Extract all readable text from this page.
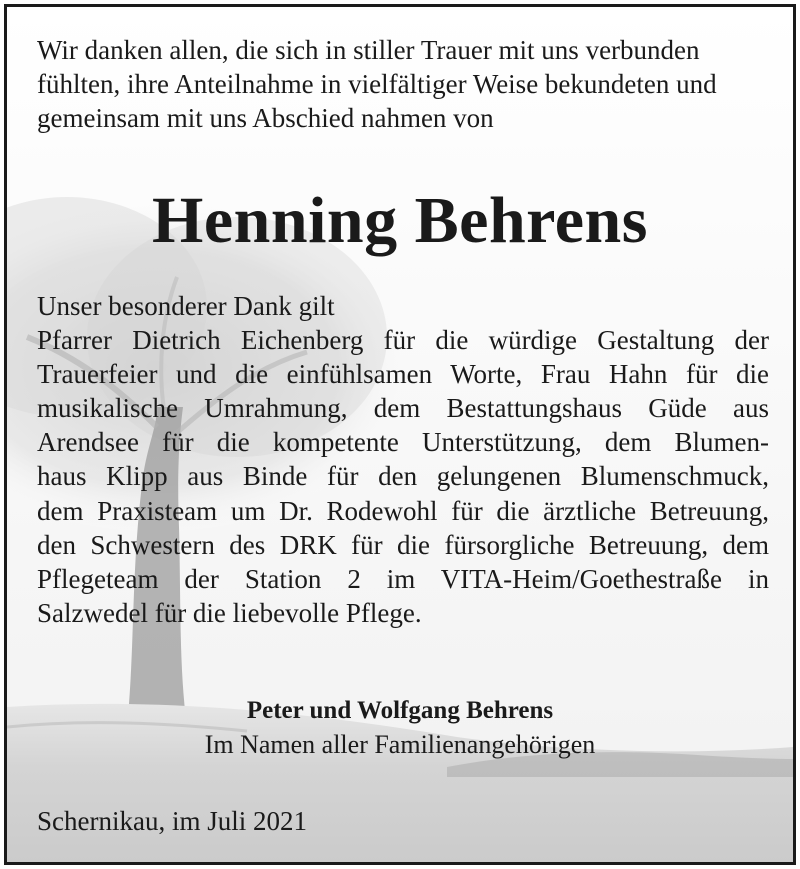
Wir danken allen, die sich in stiller Trauer mit uns verbunden
fühlten, ihre Anteilnahme in vielfältiger Weise bekundeten und
gemeinsam mit uns Abschied nahmen von
Henning Behrens
Unser besonderer Dank gilt
Pfarrer Dietrich Eichenberg für die würdige Gestaltung der
Trauerfeier und die einfühlsamen Worte, Frau Hahn für die
musikalische Umrahmung, dem Bestattungshaus Güde aus
Arendsee für die kompetente Unterstützung, dem Blumen-
haus Klipp aus Binde für den gelungenen Blumenschmuck,
dem Praxisteam um Dr. Rodewohl für die ärztliche Betreuung,
den Schwestern des DRK für die fürsorgliche Betreuung, dem
Pflegeteam der Station 2 im VITA-Heim/Goethestraße in
Salzwedel für die liebevolle Pflege.
Peter und Wolfgang Behrens
Im Namen aller Familienangehörigen
Schernikau, im Juli 2021
